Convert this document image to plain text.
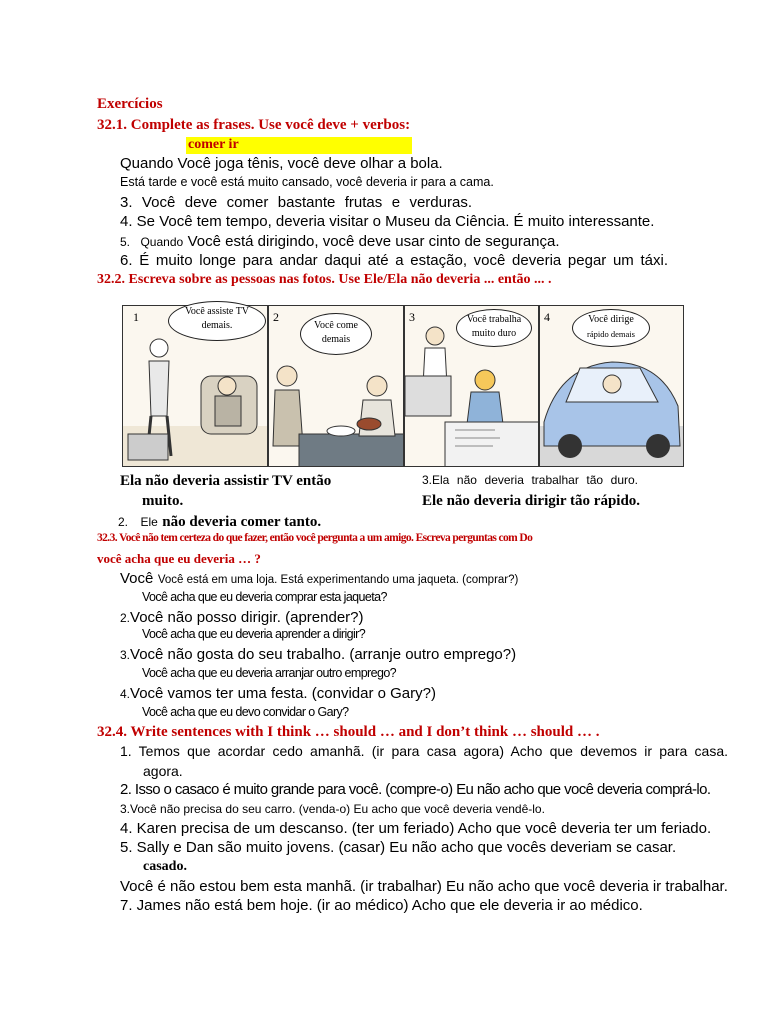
Exercícios
32.1. Complete as frases. Use você deve + verbos:
comer ir
Quando Você joga tênis, você deve olhar a bola.
Está tarde e você está muito cansado, você deveria ir para a cama.
3. Você deve comer bastante frutas e verduras.
4. Se Você tem tempo, deveria visitar o Museu da Ciência. É muito interessante.
5. Quando Você está dirigindo, você deve usar cinto de segurança.
6. É muito longe para andar daqui até a estação, você deveria pegar um táxi.
32.2. Escreva sobre as pessoas nas fotos. Use Ele/Ela não deveria ... então ... .
1	2	3	4
Você assiste TV
demais.	Você come
demais
Você trabalha
muito duro
Você dirige
rápido demais
Ela não deveria assistir TV então
muito.
3.Ela não deveria trabalhar tão duro.
Ele não deveria dirigir tão rápido.
2. Ele não deveria comer tanto.
32.3. Você não tem certeza do que fazer, então você pergunta a um amigo. Escreva perguntas com Do
você acha que eu deveria … ?
Você Você está em uma loja. Está experimentando uma jaqueta. (comprar?)
Você acha que eu deveria comprar esta jaqueta?
2.Você não posso dirigir. (aprender?)
Você acha que eu deveria aprender a dirigir?
3.Você não gosta do seu trabalho. (arranje outro emprego?)
Você acha que eu deveria arranjar outro emprego?
4.Você vamos ter uma festa. (convidar o Gary?)
Você acha que eu devo convidar o Gary?
32.4. Write sentences with I think … should … and I don’t think … should … .
1. Temos que acordar cedo amanhã. (ir para casa agora) Acho que devemos ir para casa.
agora.
2. Isso o casaco é muito grande para você. (compre-o) Eu não acho que você deveria comprá-lo.
3.Você não precisa do seu carro. (venda-o) Eu acho que você deveria vendê-lo.
4. Karen precisa de um descanso. (ter um feriado) Acho que você deveria ter um feriado.
5. Sally e Dan são muito jovens. (casar) Eu não acho que vocês deveriam se casar.
casado.
Você é não estou bem esta manhã. (ir trabalhar) Eu não acho que você deveria ir trabalhar.
7. James não está bem hoje. (ir ao médico) Acho que ele deveria ir ao médico.
